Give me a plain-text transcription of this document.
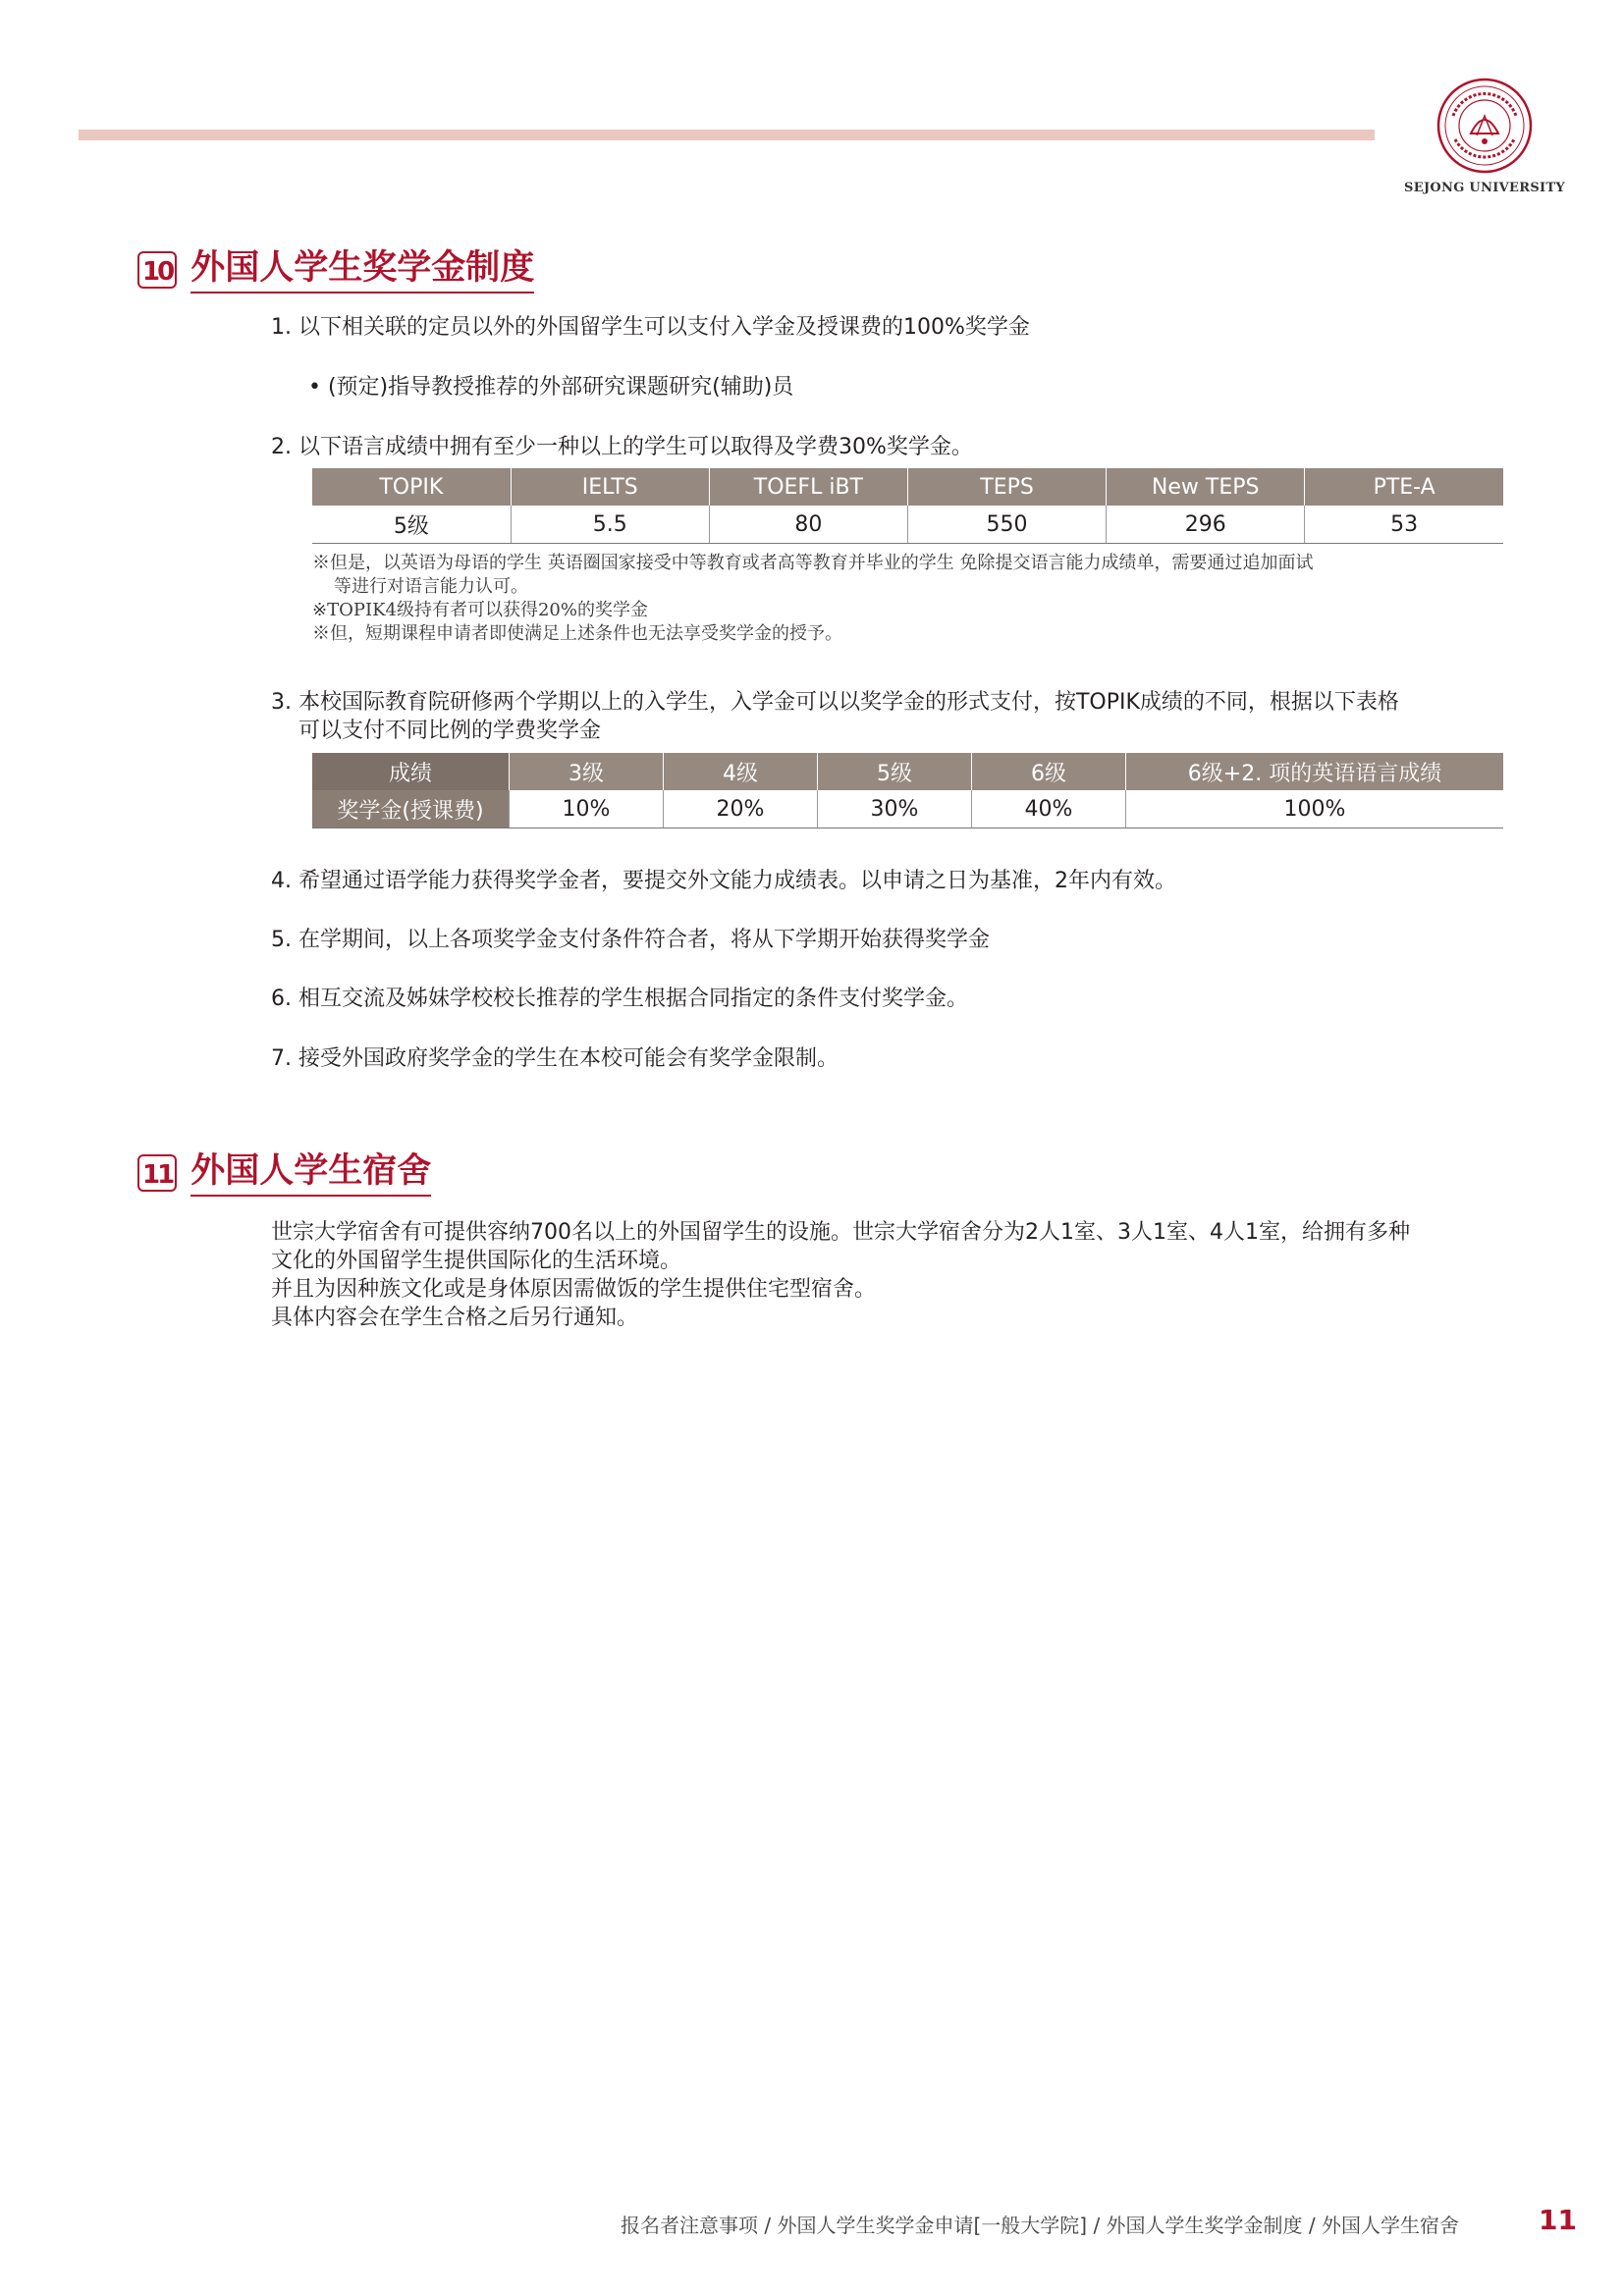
SEJONG UNIVERSITY
10 外国人学生奖学金制度
1. 以下相关联的定员以外的外国留学生可以支付入学金及授课费的100%奖学金
• (预定)指导教授推荐的外部研究课题研究(辅助)员
2. 以下语言成绩中拥有至少一种以上的学生可以取得及学费30%奖学金。
TOPIK	IELTS	TOEFL iBT	TEPS	New TEPS	PTE-A
5级	5.5	80	550	296	53
※但是，以英语为母语的学生 英语圈国家接受中等教育或者高等教育并毕业的学生 免除提交语言能力成绩单，需要通过追加面试
等进行对语言能力认可。
※TOPIK4级持有者可以获得20%的奖学金
※但，短期课程申请者即使满足上述条件也无法享受奖学金的授予。
3. 本校国际教育院研修两个学期以上的入学生，入学金可以以奖学金的形式支付，按TOPIK成绩的不同，根据以下表格
可以支付不同比例的学费奖学金
成绩	3级	4级	5级	6级	6级+2. 项的英语语言成绩
奖学金(授课费)	10%	20%	30%	40%	100%
4. 希望通过语学能力获得奖学金者，要提交外文能力成绩表。以申请之日为基准，2年内有效。
5. 在学期间，以上各项奖学金支付条件符合者，将从下学期开始获得奖学金
6. 相互交流及姊妹学校校长推荐的学生根据合同指定的条件支付奖学金。
7. 接受外国政府奖学金的学生在本校可能会有奖学金限制。
11 外国人学生宿舍
世宗大学宿舍有可提供容纳700名以上的外国留学生的设施。世宗大学宿舍分为2人1室、3人1室、4人1室，给拥有多种
文化的外国留学生提供国际化的生活环境。
并且为因种族文化或是身体原因需做饭的学生提供住宅型宿舍。
具体内容会在学生合格之后另行通知。
报名者注意事项 / 外国人学生奖学金申请[一般大学院] / 外国人学生奖学金制度 / 外国人学生宿舍	11
